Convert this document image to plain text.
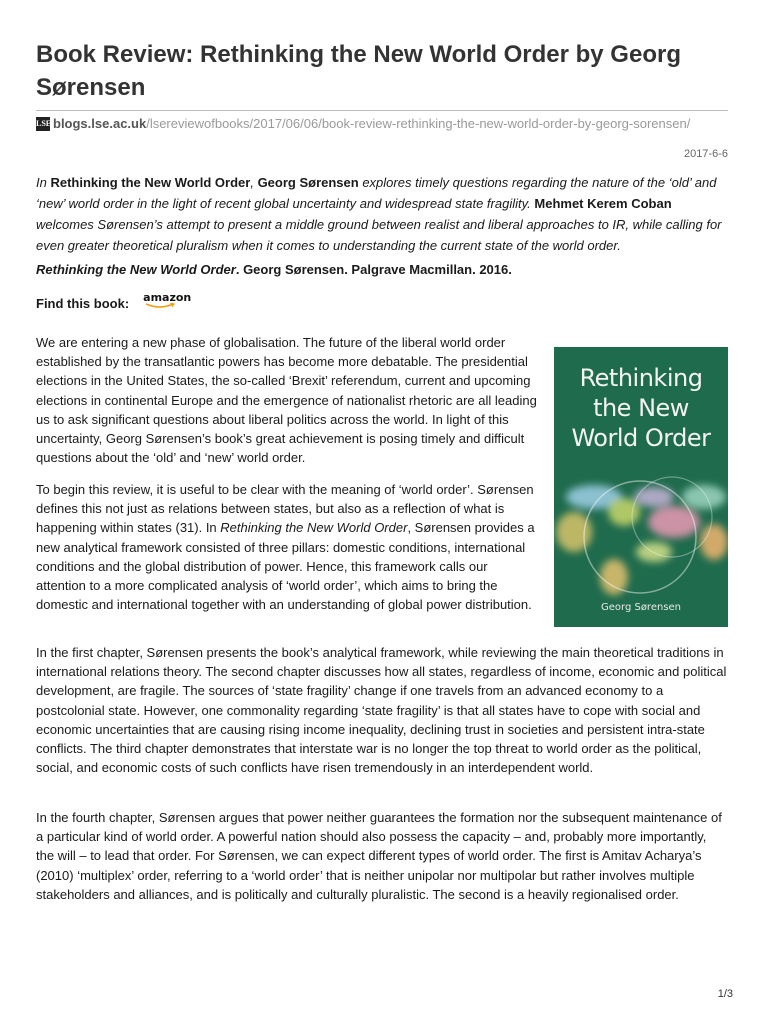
Book Review: Rethinking the New World Order by Georg Sørensen
LSE blogs.lse.ac.uk /lsereviewofbooks/2017/06/06/book-review-rethinking-the-new-world-order-by-georg-sorensen/
2017-6-6

In Rethinking the New World Order, Georg Sørensen explores timely questions regarding the nature of the ‘old’ and ‘new’ world order in the light of recent global uncertainty and widespread state fragility. Mehmet Kerem Coban welcomes Sørensen’s attempt to present a middle ground between realist and liberal approaches to IR, while calling for even greater theoretical pluralism when it comes to understanding the current state of the world order.

Rethinking the New World Order. Georg Sørensen. Palgrave Macmillan. 2016.

Find this book: amazon

We are entering a new phase of globalisation. The future of the liberal world order established by the transatlantic powers has become more debatable. The presidential elections in the United States, the so-called ‘Brexit’ referendum, current and upcoming elections in continental Europe and the emergence of nationalist rhetoric are all leading us to ask significant questions about liberal politics across the world. In light of this uncertainty, Georg Sørensen’s book’s great achievement is posing timely and difficult questions about the ‘old’ and ‘new’ world order.

To begin this review, it is useful to be clear with the meaning of ‘world order’. Sørensen defines this not just as relations between states, but also as a reflection of what is happening within states (31). In Rethinking the New World Order, Sørensen provides a new analytical framework consisted of three pillars: domestic conditions, international conditions and the global distribution of power. Hence, this framework calls our attention to a more complicated analysis of ‘world order’, which aims to bring the domestic and international together with an understanding of global power distribution.

Rethinking
the New
World Order
Georg Sørensen

In the first chapter, Sørensen presents the book’s analytical framework, while reviewing the main theoretical traditions in international relations theory. The second chapter discusses how all states, regardless of income, economic and political development, are fragile. The sources of ‘state fragility’ change if one travels from an advanced economy to a postcolonial state. However, one commonality regarding ‘state fragility’ is that all states have to cope with social and economic uncertainties that are causing rising income inequality, declining trust in societies and persistent intra-state conflicts. The third chapter demonstrates that interstate war is no longer the top threat to world order as the political, social, and economic costs of such conflicts have risen tremendously in an interdependent world.

In the fourth chapter, Sørensen argues that power neither guarantees the formation nor the subsequent maintenance of a particular kind of world order. A powerful nation should also possess the capacity – and, probably more importantly, the will – to lead that order. For Sørensen, we can expect different types of world order. The first is Amitav Acharya’s (2010) ‘multiplex’ order, referring to a ‘world order’ that is neither unipolar nor multipolar but rather involves multiple stakeholders and alliances, and is politically and culturally pluralistic. The second is a heavily regionalised order.

1/3
